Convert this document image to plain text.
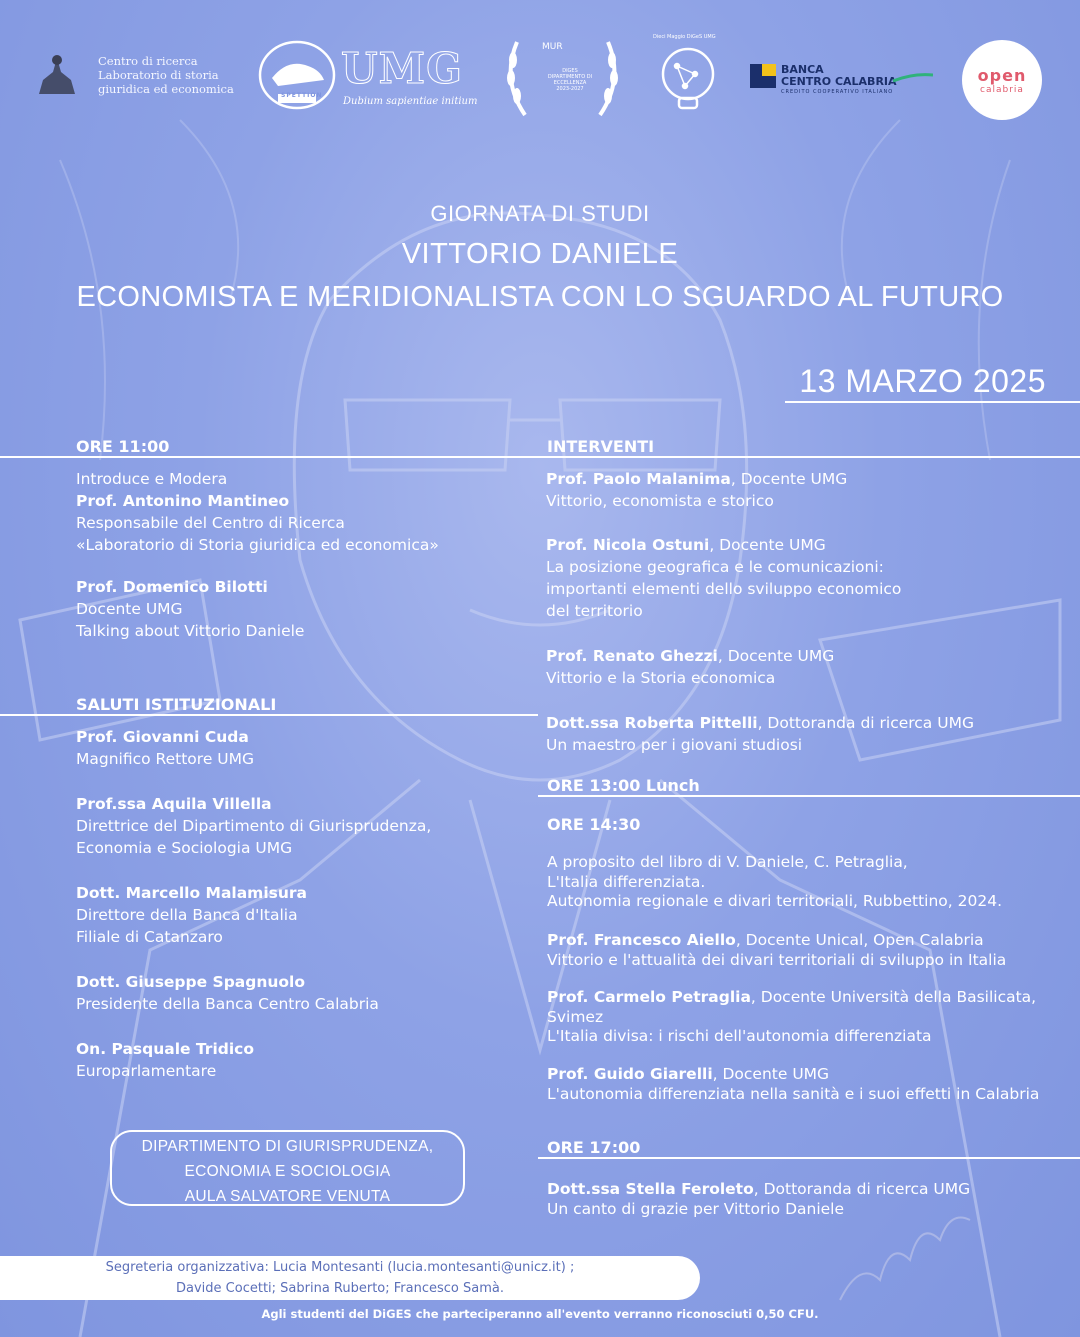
Centro di ricerca
Laboratorio di storia
giuridica ed economica	SPETTION
UMG
Dubium sapientiae initium
MUR
DIGES
DIPARTIMENTO DI
ECCELLENZA
2023-2027
Dieci Maggio DiGeS UMG
BANCA
CENTRO CALABRIA
CREDITO COOPERATIVO ITALIANO
open
calabria
GIORNATA DI STUDI
VITTORIO DANIELE
ECONOMISTA E MERIDIONALISTA CON LO SGUARDO AL FUTURO
13 MARZO 2025
ORE 11:00
Introduce e Modera
Prof. Antonino Mantineo
Responsabile del Centro di Ricerca
«Laboratorio di Storia giuridica ed economica»
Prof. Domenico Bilotti
Docente UMG
Talking about Vittorio Daniele
SALUTI ISTITUZIONALI
Prof. Giovanni Cuda
Magnifico Rettore UMG
Prof.ssa Aquila Villella
Direttrice del Dipartimento di Giurisprudenza,
Economia e Sociologia UMG
Dott. Marcello Malamisura
Direttore della Banca d'Italia
Filiale di Catanzaro
Dott. Giuseppe Spagnuolo
Presidente della Banca Centro Calabria
On. Pasquale Tridico
Europarlamentare
DIPARTIMENTO DI GIURISPRUDENZA,
ECONOMIA E SOCIOLOGIA
AULA SALVATORE VENUTA
INTERVENTI
Prof. Paolo Malanima, Docente UMG
Vittorio, economista e storico
Prof. Nicola Ostuni, Docente UMG
La posizione geografica e le comunicazioni:
importanti elementi dello sviluppo economico
del territorio
Prof. Renato Ghezzi, Docente UMG
Vittorio e la Storia economica
Dott.ssa Roberta Pittelli, Dottoranda di ricerca UMG
Un maestro per i giovani studiosi
ORE 13:00 Lunch
ORE 14:30
A proposito del libro di V. Daniele, C. Petraglia,
L'Italia differenziata.
Autonomia regionale e divari territoriali, Rubbettino, 2024.
Prof. Francesco Aiello, Docente Unical, Open Calabria
Vittorio e l'attualità dei divari territoriali di sviluppo in Italia
Prof. Carmelo Petraglia, Docente Università della Basilicata,
Svimez
L'Italia divisa: i rischi dell'autonomia differenziata
Prof. Guido Giarelli, Docente UMG
L'autonomia differenziata nella sanità e i suoi effetti in Calabria
ORE 17:00
Dott.ssa Stella Feroleto, Dottoranda di ricerca UMG
Un canto di grazie per Vittorio Daniele
Segreteria organizzativa: Lucia Montesanti (lucia.montesanti@unicz.it) ;
Davide Cocetti; Sabrina Ruberto; Francesco Samà.
Agli studenti del DiGES che parteciperanno all'evento verranno riconosciuti 0,50 CFU.
